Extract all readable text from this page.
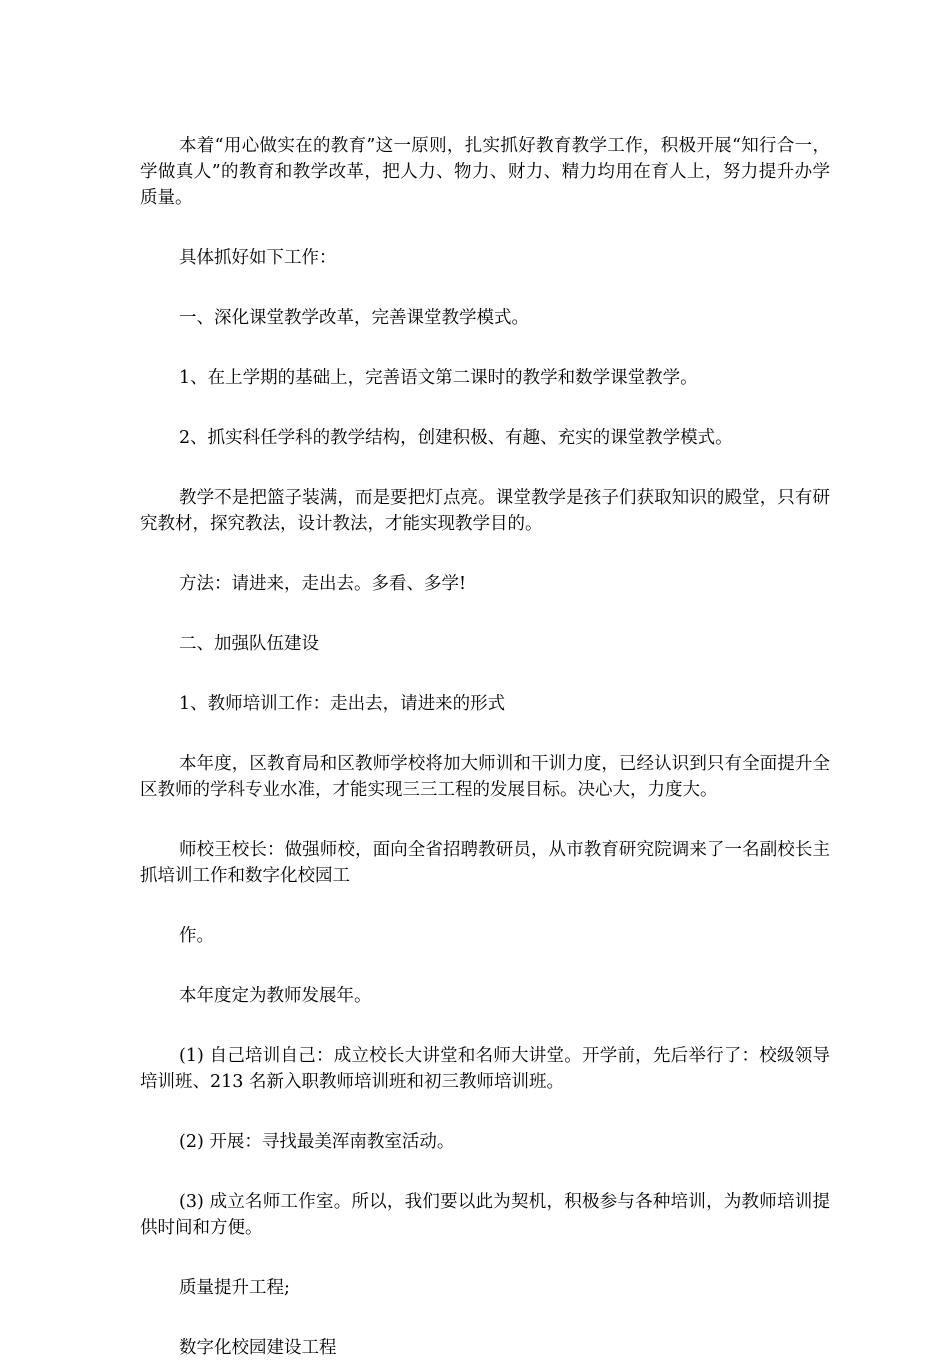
本着“用心做实在的教育”这一原则，扎实抓好教育教学工作，积极开展“知行合一，学做真人”的教育和教学改革，把人力、物力、财力、精力均用在育人上，努力提升办学质量。

具体抓好如下工作：

一、深化课堂教学改革，完善课堂教学模式。

1、在上学期的基础上，完善语文第二课时的教学和数学课堂教学。

2、抓实科任学科的教学结构，创建积极、有趣、充实的课堂教学模式。

教学不是把篮子装满，而是要把灯点亮。课堂教学是孩子们获取知识的殿堂，只有研究教材，探究教法，设计教法，才能实现教学目的。

方法：请进来，走出去。多看、多学!

二、加强队伍建设

1、教师培训工作：走出去，请进来的形式

本年度，区教育局和区教师学校将加大师训和干训力度，已经认识到只有全面提升全区教师的学科专业水准，才能实现三三工程的发展目标。决心大，力度大。

师校王校长：做强师校，面向全省招聘教研员，从市教育研究院调来了一名副校长主抓培训工作和数字化校园工

作。

本年度定为教师发展年。

(1) 自己培训自己：成立校长大讲堂和名师大讲堂。开学前，先后举行了：校级领导培训班、213 名新入职教师培训班和初三教师培训班。

(2) 开展：寻找最美浑南教室活动。

(3) 成立名师工作室。所以，我们要以此为契机，积极参与各种培训，为教师培训提供时间和方便。

质量提升工程;

数字化校园建设工程
